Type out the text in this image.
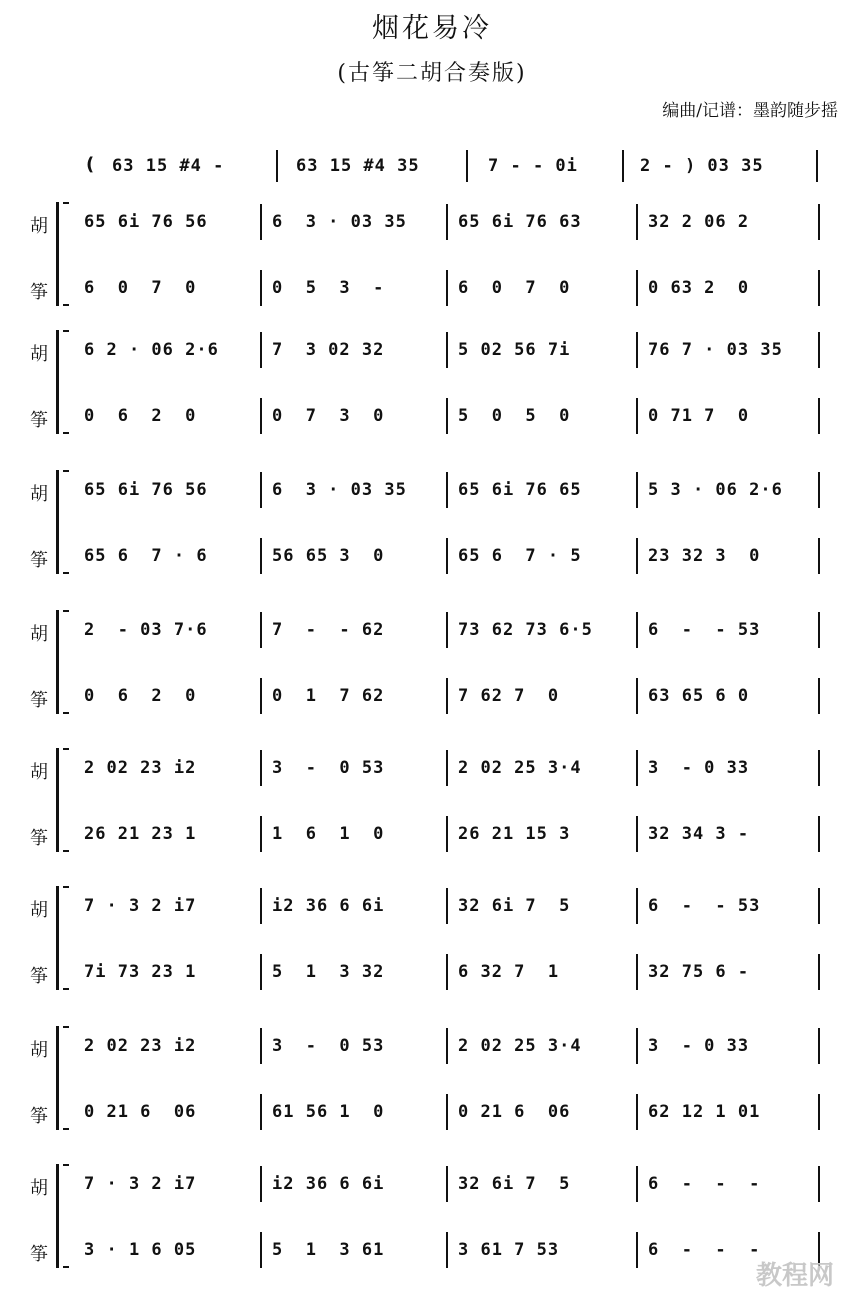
烟花易冷
(古筝二胡合奏版)
编曲/记谱：墨韵随步摇
( 63 15 #4 -	63 15 #4 35	7 - - 0i	2 - ) 03 35
胡 65 6i 76 56	6  3 · 03 35	65 6i 76 63	32 2 06 2
筝 6  0  7  0	0  5  3  -	6  0  7  0	0 63 2  0
胡 6 2 · 06 2·6	7  3 02 32	5 02 56 7i	76 7 · 03 35
筝 0  6  2  0	0  7  3  0	5  0  5  0	0 71 7  0
胡 65 6i 76 56	6  3 · 03 35	65 6i 76 65	5 3 · 06 2·6
筝 65 6  7 · 6	56 65 3  0	65 6  7 · 5	23 32 3  0
胡 2  - 03 7·6	7  -  - 62	73 62 73 6·5	6  -  - 53
筝 0  6  2  0	0  1  7 62	7 62 7  0	63 65 6 0
胡 2 02 23 i2	3  -  0 53	2 02 25 3·4	3  - 0 33
筝 26 21 23 1	1  6  1  0	26 21 15 3	32 34 3 -
胡 7 · 3 2 i7	i2 36 6 6i	32 6i 7  5	6  -  - 53
筝 7i 73 23 1	5  1  3 32	6 32 7  1	32 75 6 -
胡 2 02 23 i2	3  -  0 53	2 02 25 3·4	3  - 0 33
筝 0 21 6  06	61 56 1  0	0 21 6  06	62 12 1 01
胡 7 · 3 2 i7	i2 36 6 6i	32 6i 7  5	6  -  -  -
筝 3 · 1 6 05	5  1  3 61	3 61 7 53	6  -  -  -
教程网
